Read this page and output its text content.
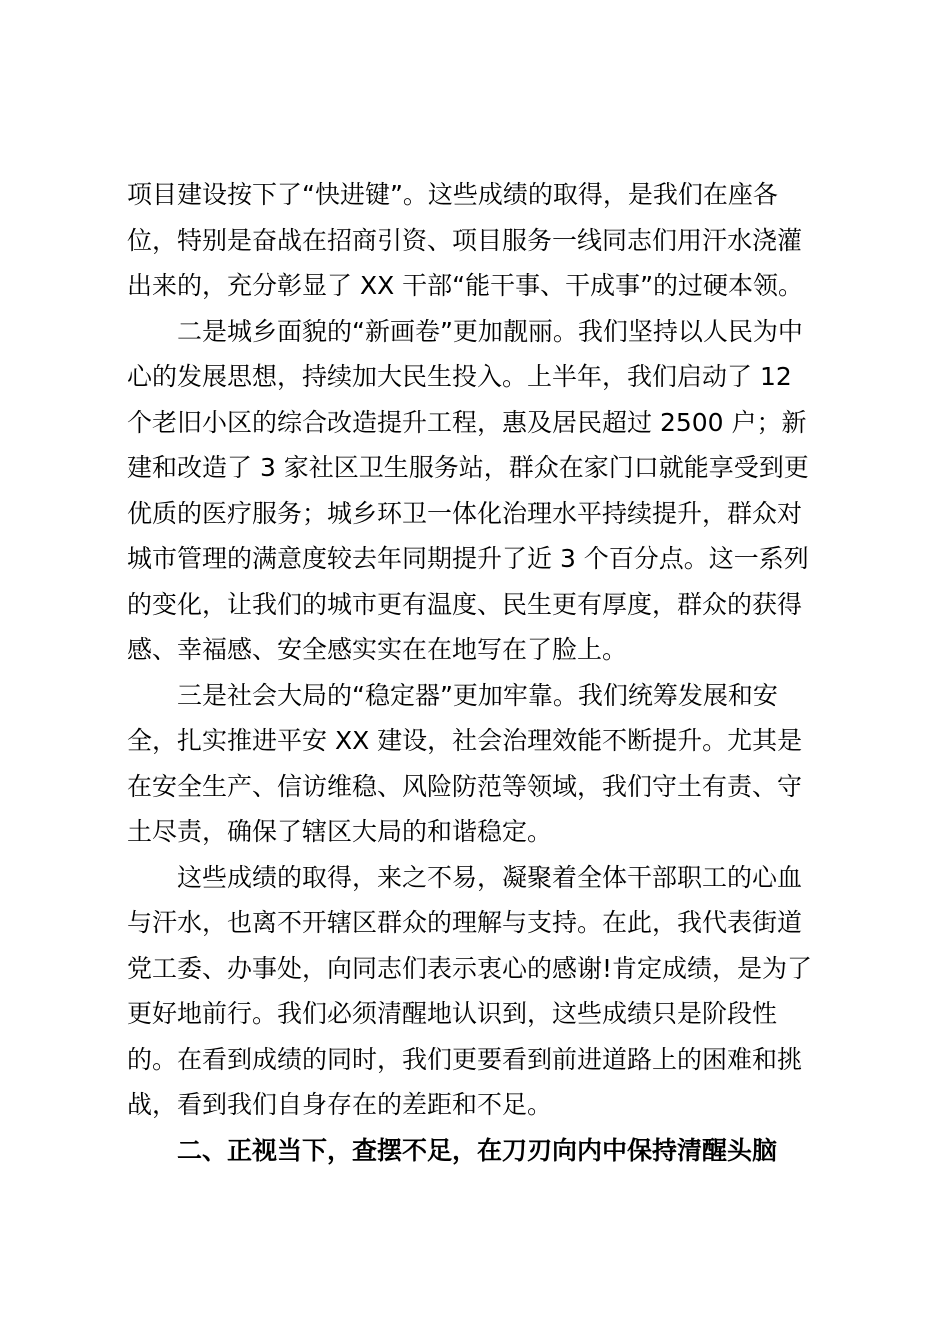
项目建设按下了“快进键”。这些成绩的取得，是我们在座各
位，特别是奋战在招商引资、项目服务一线同志们用汗水浇灌
出来的，充分彰显了 XX 干部“能干事、干成事”的过硬本领。
二是城乡面貌的“新画卷”更加靓丽。我们坚持以人民为中
心的发展思想，持续加大民生投入。上半年，我们启动了 12
个老旧小区的综合改造提升工程，惠及居民超过 2500 户；新
建和改造了 3 家社区卫生服务站，群众在家门口就能享受到更
优质的医疗服务；城乡环卫一体化治理水平持续提升，群众对
城市管理的满意度较去年同期提升了近 3 个百分点。这一系列
的变化，让我们的城市更有温度、民生更有厚度，群众的获得
感、幸福感、安全感实实在在地写在了脸上。
三是社会大局的“稳定器”更加牢靠。我们统筹发展和安
全，扎实推进平安 XX 建设，社会治理效能不断提升。尤其是
在安全生产、信访维稳、风险防范等领域，我们守土有责、守
土尽责，确保了辖区大局的和谐稳定。
这些成绩的取得，来之不易，凝聚着全体干部职工的心血
与汗水，也离不开辖区群众的理解与支持。在此，我代表街道
党工委、办事处，向同志们表示衷心的感谢!肯定成绩，是为了
更好地前行。我们必须清醒地认识到，这些成绩只是阶段性
的。在看到成绩的同时，我们更要看到前进道路上的困难和挑
战，看到我们自身存在的差距和不足。
二、正视当下，查摆不足，在刀刃向内中保持清醒头脑
